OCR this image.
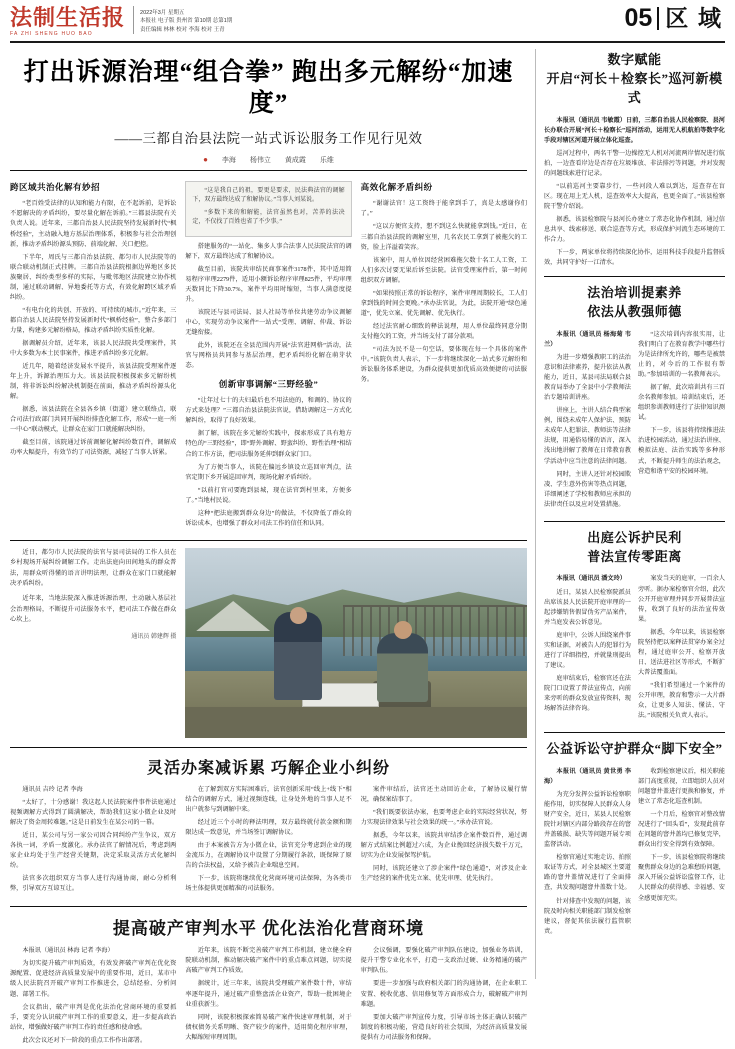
法制生活报
FA ZHI SHENG HUO BAO
2022年3月 星期五
本报社 电子版 贵州省 第10期 总第1期
责任编辑 林林 校对 李海 校对 王青	05 区 域
打出诉源治理“组合拳” 跑出多元解纷“加速度”
——三都自治县法院一站式诉讼服务工作见行见效
● 李海 杨伟立 黄成霞 乐维
跨区域共治化解有妙招

“老百姓受法律的认知和能力有限，在不起诉前，是诉讼不愿解决的矛盾纠纷，要尽量化解在诉前。”三都县法院有关负责人说。近年来，三都自治县人民法院坚持发展新时代“枫桥经验”，主动融入地方基层治理体系，积极参与社会治理创新，推动矛盾纠纷源头预防、前端化解、关口把控。

下半年，周氏与三都自治县法院、都匀市人民法院等的联合联动机制正式挂牌。三都自治县法院根据边界地区多民族聚居、纠纷类型多样的实际，与毗邻地区法院建立协作机制，通过联动调解、异地委托等方式，有效化解跨区域矛盾纠纷。

“有电台化的共创、开放的、可持续的城市。”近年来，三都自治县人民法院坚持发展新时代“枫桥经验”，整合多部门力量，构建多元解纷格局，推动矛盾纠纷实质性化解。

据调解员介绍，近年来，该县人民法院共受理案件，其中大多数为本土民事案件，推进矛盾纠纷多元化解。

近几年，随着经济发展水平提升，该县法院受理案件逐年上升，诉源治理压力大。该县法院积极探索多元解纷机制，将非诉讼纠纷解决机制挺在前面，推动矛盾纠纷源头化解。

据悉，该县法院在全县各乡镇（街道）建立联络点，联合司法行政部门共同开展纠纷排查化解工作，形成“一庭一所一中心”联动模式，让群众在家门口就能解决纠纷。

截至目前，该院通过诉前调解化解纠纷数百件，调解成功率大幅提升，有效节约了司法资源，减轻了当事人诉累。

“这是我自己的祖，要更是要求，民法典法官的调解下，双方最终达成了和解协议。”当事人刘某说。

“多数下来的和解能，法官虽然也对，苦养的法决定，不仅找了百姓也省了不少事。”

搭建服务的“一站化、集多人事合法事人民法院法官的调解下，双方最终达成了和解协议。

截至目前，该院共审结民商事案件3178件，其中适用简易程序审理2279件，适用小额诉讼程序审理825件，平均审理天数同比下降30.7%，案件平均用时缩短，当事人满意度提升。

该院还与县司法局、县人社局等单位共建劳动争议调解中心，实现劳动争议案件“一站式”受理、调解、仲裁、诉讼无缝衔接。

此外，该院还在全县范围内开展“法官进网格”活动，法官与网格员共同参与基层治理，把矛盾纠纷化解在萌芽状态。

创新审事调解“三野经验”

“让年过七十的夫妇最后也不用法庭的，和调的、协议的方式来处理？”三都自治县法院法官说，借助调解这一方式化解纠纷，取得了良好效果。

据了解，该院在多元解纷实践中，探索形成了具有地方特色的“三野经验”，即“野外调解、野蛮纠纷、野性治理”相结合的工作方法，把司法服务延伸到群众家门口。

为了方便当事人，该院在偏远乡镇设立巡回审判点，法官定期下乡开展巡回审判，现场化解矛盾纠纷。

“以前打官司要跑到县城，现在法官到村里来，方便多了。”当地村民说。

这种“把法庭搬到群众身边”的做法，不仅降低了群众的诉讼成本，也增强了群众对司法工作的信任和认同。

高效化解矛盾纠纷

“谢谢法官！这工资终于能拿到手了，真是太感谢你们了。”

“这以方便官支持，想不到这么快就能拿到钱。”近日，在三都自治县法院的调解室里，几名农民工拿到了被拖欠的工资，脸上洋溢着笑容。

该案中，用人单位因经营困难拖欠数十名工人工资，工人们多次讨要无果后诉至法院。法官受理案件后，第一时间组织双方调解。

“如果按照正常的诉讼程序，案件审理周期较长，工人们拿到钱的时间会更晚。”承办法官说，为此，法院开通“绿色通道”，优先立案、优先调解、优先执行。

经过法官耐心细致的释法说理，用人单位最终同意分期支付拖欠的工资，并当场支付了部分款项。

“司法为民不是一句空话，要体现在每一个具体的案件中。”该院负责人表示，下一步将继续深化一站式多元解纷和诉讼服务体系建设，为群众提供更加优质高效便捷的司法服务。

近日，都匀市人民法院的法官与县司法局的工作人员在乡村现场开展纠纷调解工作。走出法庭向田间地头的群众普法，用群众听得懂的语言讲明法理，让群众在家门口就能解决矛盾纠纷。

近年来，当地法院深入推进诉源治理，主动融入基层社会治理格局，不断提升司法服务水平，把司法工作做在群众心坎上。

通讯员 韩建辉 摄
灵活办案减诉累 巧解企业小纠纷

通讯员 吉玲 记者 李海

“太好了，十分感谢！我这起人民法院案件事件法庭通过视频调解方式得到了圆满解决，帮助我们这家小微企业及时解决了资金周转难题。”这是日前发生在某公司的一幕。

近日，某公司与另一家公司因合同纠纷产生争议，双方各执一词，矛盾一度激化。承办法官了解情况后，考虑到两家企业均处于生产经营关键期，决定采取灵活方式化解纠纷。

法官多次组织双方当事人进行沟通协商，耐心分析利弊，引导双方互谅互让。

在了解到双方实际困难后，法官创新采用“线上+线下”相结合的调解方式，通过视频连线，让身处外地的当事人足不出户就参与到调解中来。

经过近三个小时的释法明理，双方最终就付款金额和期限达成一致意见，并当场签订调解协议。

由于本案被告方为小微企业，法官充分考虑到企业的现金流压力，在调解协议中设置了分期履行条款，既保障了原告的合法权益，又给予被告企业喘息空间。

下一步，该院将继续优化营商环境司法保障，为各类市场主体提供更加精准的司法服务。

案件审结后，法官还主动回访企业，了解协议履行情况，确保案结事了。

“我们既要依法办案，也要考虑企业的实际经营状况，努力实现法律效果与社会效果的统一。”承办法官说。

据悉，今年以来，该院共审结涉企案件数百件，通过调解方式结案比例超过六成，为企业挽回经济损失数千万元，切实为企业发展保驾护航。

同时，该院还建立了涉企案件“绿色通道”，对涉及企业生产经营的案件优先立案、优先审理、优先执行。

提高破产审判水平 优化法治化营商环境

本报讯（通讯员 林海 记者 李海）

为切实提升破产审判质效，有效发挥破产审判在优化资源配置、促进经济高质量发展中的重要作用，近日，某市中级人民法院召开破产审判工作推进会，总结经验、分析问题、部署工作。

会议指出，破产审判是优化法治化营商环境的重要抓手，要充分认识破产审判工作的重要意义，进一步提高政治站位，增强做好破产审判工作的责任感和使命感。

此次会议还对下一阶段的重点工作作出部署。

近年来，该院不断完善破产审判工作机制，建立健全府院联动机制，推动解决破产案件中的重点难点问题，切实提高破产审判工作质效。

据统计，近三年来，该院共受理破产案件数十件，审结率逐年提升，通过破产重整盘活企业资产，帮助一批困境企业重获新生。

同时，该院积极探索简易破产案件快速审理机制，对于债权债务关系明晰、资产较少的案件，适用简化程序审理，大幅缩短审理周期。

会议强调，要强化破产审判队伍建设，加强业务培训，提升干警专业化水平，打造一支政治过硬、业务精通的破产审判队伍。

要进一步加强与政府相关部门的沟通协调，在企业职工安置、税收优惠、信用修复等方面形成合力，破解破产审判难题。

要加大破产审判宣传力度，引导市场主体正确认识破产制度的积极功能，营造良好的社会氛围，为经济高质量发展提供有力司法服务和保障。

数字赋能
开启“河长＋检察长”巡河新模式

本报讯（通讯员 韦敏霞）日前，三都自治县人民检察院、县河长办联合开展“河长＋检察长”巡河活动，运用无人机航拍等数字化手段对辖区河道开展立体化巡查。

巡河过程中，两名干警一边操控无人机对河流两岸情况进行航拍，一边查看岸边是否存在垃圾堆放、非法排污等问题，并对发现的问题线索进行记录。

“以前巡河主要靠步行，一些河段人难以到达，巡查存在盲区。现在用上无人机，巡查效率大大提高，也更全面了。”该县检察院干警介绍说。

据悉，该县检察院与县河长办建立了常态化协作机制，通过信息共享、线索移送、联合巡查等方式，形成保护河流生态环境的工作合力。

下一步，两家单位将持续深化协作，运用科技手段提升监督质效，共同守护好一江清水。

法治培训提素养
依法从教强师德

本报讯（通讯员 杨海菊 韦兰）

为进一步增强教职工的法治意识和法律素养，提升依法从教能力，近日，某县司法局联合县教育局举办了全县中小学教师法治专题培训讲座。

讲座上，主讲人结合典型案例，围绕未成年人保护法、预防未成年人犯罪法、教师法等法律法规，用通俗易懂的语言，深入浅出地讲解了教师在日常教育教学活动中应当注意的法律问题。

同时，主讲人还针对校园欺凌、学生意外伤害等热点问题，详细阐述了学校和教师应承担的法律责任以及应对处置措施。

“这次培训内容很实用，让我们明白了在教育教学中哪些行为是法律所允许的，哪些是被禁止的，对今后的工作很有帮助。”参加培训的一名教师表示。

据了解，此次培训共有三百余名教师参加。培训结束后，还组织参训教师进行了法律知识测试。

下一步，该县将持续推进法治进校园活动，通过法治讲座、模拟法庭、法治实践等多种形式，不断提升师生的法治观念，营造和谐平安的校园环境。

出庭公诉护民利
普法宣传零距离

本报讯（通讯员 潘文玲）

近日，某县人民检察院派员出席该县人民法院开庭审理的一起涉嫌销售假冒伪劣产品案件，并当庭发表公诉意见。

庭审中，公诉人围绕案件事实和证据，对被告人的犯罪行为进行了详细指控，并就量刑提出了建议。

庭审结束后，检察官还在法院门口设置了普法宣传点，向前来旁听的群众发放宣传资料，现场解答法律咨询。

案发当天的庭审，一百余人旁听。据办案检察官介绍，此次公开开庭审理并同步开展普法宣传，收到了良好的法治宣传效果。

据悉，今年以来，该县检察院坚持把以案释法贯穿办案全过程，通过庭审公开、检察开放日、送法进社区等形式，不断扩大普法覆盖面。

“我们希望通过一个案件的公开审理，教育和警示一大片群众，让更多人知法、懂法、守法。”该院相关负责人表示。

公益诉讼守护群众“脚下安全”

本报讯（通讯员 黄世勇 李海）

为充分发挥公益诉讼检察职能作用，切实保障人民群众人身财产安全，近日，某县人民检察院针对辖区内部分路段存在的窨井盖破损、缺失等问题开展专项监督活动。

检察官通过实地走访、拍照取证等方式，对全县城区主要道路的窨井盖情况进行了全面排查，共发现问题窨井盖数十处。

针对排查中发现的问题，该院及时向相关职能部门制发检察建议，督促其依法履行监管职责。

收到检察建议后，相关职能部门高度重视，立即组织人员对问题窨井盖进行更换和修复，并建立了常态化巡查机制。

一个月后，检察官对整改情况进行了“回头看”，发现此前存在问题的窨井盖均已修复完毕，群众出行安全得到有效保障。

下一步，该县检察院将继续聚焦群众身边的急难愁盼问题，深入开展公益诉讼监督工作，让人民群众的获得感、幸福感、安全感更加充实。
